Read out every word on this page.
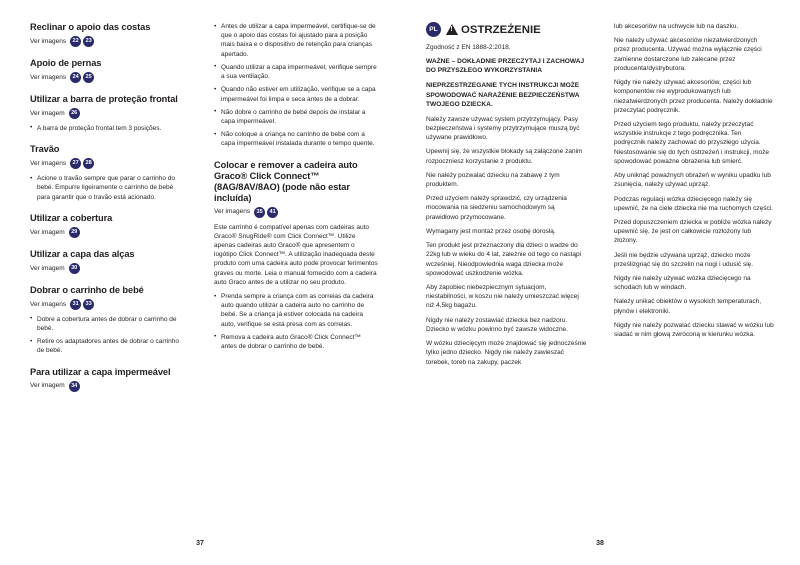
Reclinar o apoio das costas
Ver imagens	22	23
Apoio de pernas
Ver imagens	24	25
Utilizar a barra de proteção frontal
Ver imagem	26
• A barra de proteção frontal tem 3 posições.
Travão
Ver imagens	27	28
• Acione o travão sempre que parar o carrinho do bebé. Empurre ligeiramente o carrinho de bebé para garantir que o travão está acionado.
Utilizar a cobertura
Ver imagem	29
Utilizar a capa das alças
Ver imagem	30
Dobrar o carrinho de bebé
Ver imagens	31	33
• Dobre a cobertura antes de dobrar o carrinho de bebé.
• Retire os adaptadores antes de dobrar o carrinho de bebé.
Para utilizar a capa impermeável
Ver imagem	34
• Antes de utilizar a capa impermeável, certifique-se de que o apoio das costas foi ajustado para a posição mais baixa e o dispositivo de retenção para crianças apertado.
• Quando utilizar a capa impermeável, verifique sempre a sua ventilação.
• Quando não estiver em utilização, verifique se a capa impermeável foi limpa e seca antes de a dobrar.
• Não dobre o carrinho de bebé depois de instalar a capa impermeável.
• Não coloque a criança no carrinho de bebé com a capa impermeável instalada durante o tempo quente.
Colocar e remover a cadeira auto Graco® Click Connect™ (8AG/8AV/8AO) (pode não estar incluída)
Ver imagens	35	41

Este carrinho é compatível apenas com cadeiras auto Graco® SnugRide® com Click Connect™. Utilize apenas cadeiras auto Graco® que apresentem o logótipo Click Connect™. A utilização inadequada deste produto com uma cadeira auto pode provocar ferimentos graves ou morte. Leia o manual fornecido com a cadeira auto Graco antes de a utilizar no seu produto.

• Prenda sempre a criança com as correias da cadeira auto quando utilizar a cadeira auto no carrinho de bebé. Se a criança já estiver colocada na cadeira auto, verifique se está presa com as correias.
• Remova a cadeira auto Graco® Click Connect™ antes de dobrar o carrinho de bebé.
37
PL ! OSTRZEŻENIE

Zgodność z EN 1888-2:2018.

WAŻNE – DOKŁADNIE PRZECZYTAJ I ZACHOWAJ DO PRZYSZŁEGO WYKORZYSTANIA

NIEPRZESTRZEGANIE TYCH INSTRUKCJI MOŻE SPOWODOWAĆ NARAŻENIE BEZPIECZEŃSTWA TWOJEGO DZIECKA.

Należy zawsze używać system przytrzymujący. Pasy bezpieczeństwa i systemy przytrzymujące muszą być używane prawidłowo.

Upewnij się, że wszystkie blokady są załączone zanim rozpoczniesz korzystanie z produktu.

Nie należy pozwalać dziecku na zabawę z tym produktem.

Przed użyciem należy sprawdzić, czy urządzenia mocowania na siedzeniu samochodowym są prawidłowo przymocowane.

Wymagany jest montaż przez osobę dorosłą.

Ten produkt jest przeznaczony dla dzieci o wadze do 22kg lub w wieku do 4 lat, zależnie od tego co nastąpi wcześniej. Nieodpowiednia waga dziecka może spowodować uszkodzenie wózka.

Aby zapobiec niebezpiecznym sytuacjom, niestabilności, w koszu nie należy umieszczać więcej niż 4,5kg bagażu.

Nigdy nie należy zostawiać dziecka bez nadzoru. Dziecko w wózku powinno być zawsze widoczne.

W wózku dziecięcym może znajdować się jednocześnie tylko jedno dziecko. Nigdy nie należy zawieszać torebek, toreb na zakupy, paczek

lub akcesoriów na uchwycie lub na daszku.

Nie należy używać akcesoriów niezatwierdzonych przez producenta. Używać można wyłącznie części zamienne dostarczone lub zalecane przez producenta/dystrybutora.

Nigdy nie należy używać akcesoriów, części lub komponentów nie wyprodukowanych lub niezatwierdzonych przez producenta. Należy dokładnie przeczytać podręcznik.

Przed użyciem tego produktu, należy przeczytać wszystkie instrukcje z tego podręcznika. Ten podręcznik należy zachować do przyszłego użycia. Niestosowanie się do tych ostrzeżeń i instrukcji, może spowodować poważne obrażenia lub śmierć.

Aby uniknąć poważnych obrażeń w wyniku upadku lub zsunięcia, należy używać uprząż.

Podczas regulacji wózka dziecięcego należy się upewnić, że na ciele dziecka nie ma ruchomych części.

Przed dopuszczeniem dziecka w pobliże wózka należy upewnić się, że jest on całkowicie rozłożony lub złożony.

Jeśli nie będzie używana uprząż, dziecko może prześlizgnąć się do szczelin na nogi i udusić się.

Nigdy nie należy używać wózka dziecięcego na schodach lub w windach.

Należy unikać obiektów o wysokich temperaturach, płynów i elektroniki.

Nigdy nie należy pozwalać dziecku stawać w wózku lub siadać w nim głową zwróconą w kierunku wózka.

38
